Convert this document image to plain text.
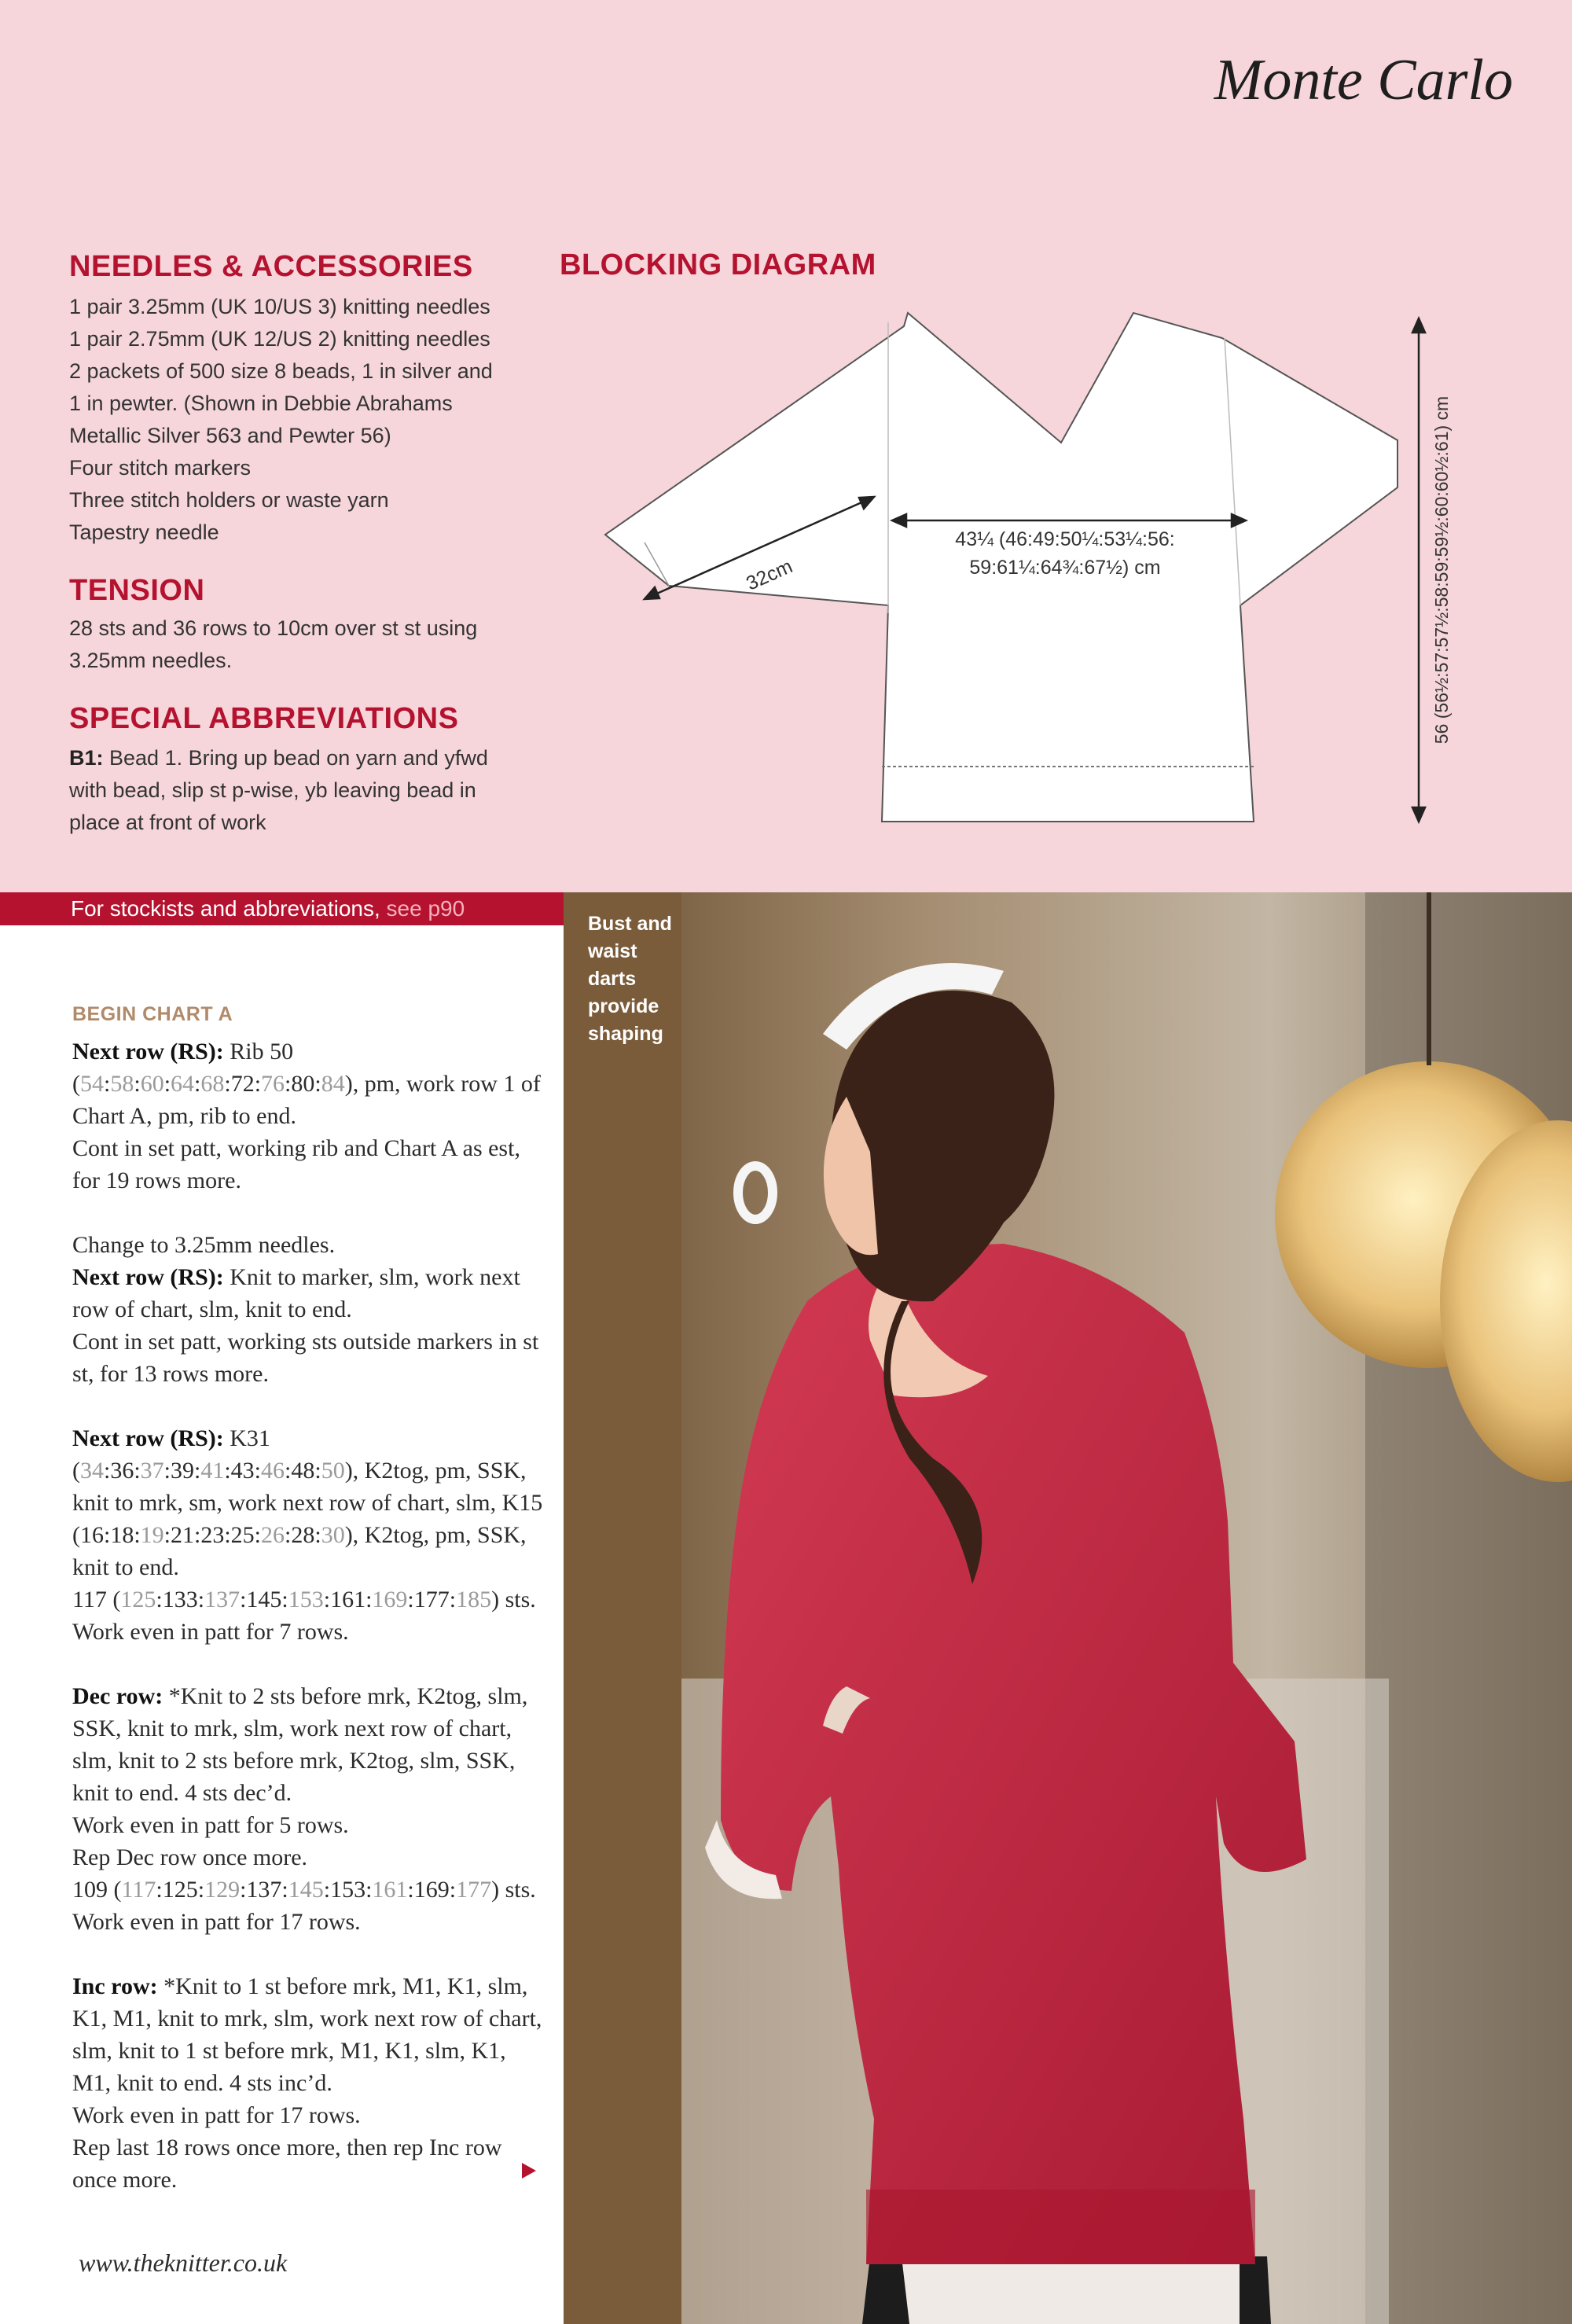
Monte Carlo
NEEDLES & ACCESSORIES
1 pair 3.25mm (UK 10/US 3) knitting needles
1 pair 2.75mm (UK 12/US 2) knitting needles
2 packets of 500 size 8 beads, 1 in silver and
1 in pewter. (Shown in Debbie Abrahams
Metallic Silver 563 and Pewter 56)
Four stitch markers
Three stitch holders or waste yarn
Tapestry needle
TENSION
28 sts and 36 rows to 10cm over st st using
3.25mm needles.
SPECIAL ABBREVIATIONS
B1: Bead 1. Bring up bead on yarn and yfwd
with bead, slip st p-wise, yb leaving bead in
place at front of work
BLOCKING DIAGRAM
43¼ (46:49:50¼:53¼:56:
59:61¼:64¾:67½) cm
32cm	56 (56½:57:57½:58:59:59½:60:60½:61) cm
For stockists and abbreviations, see p90
Bust and
waist darts
provide
shaping
BEGIN CHART A

Next row (RS): Rib 50 (54:58:60:64:68:72:76:80:84), pm, work row 1 of Chart A, pm, rib to end.
Cont in set patt, working rib and Chart A as est, for 19 rows more.

Change to 3.25mm needles.
Next row (RS): Knit to marker, slm, work next row of chart, slm, knit to end.
Cont in set patt, working sts outside markers in st st, for 13 rows more.

Next row (RS): K31 (34:36:37:39:41:43:46:48:50), K2tog, pm, SSK, knit to mrk, sm, work next row of chart, slm, K15 (16:18:19:21:23:25:26:28:30), K2tog, pm, SSK, knit to end.
117 (125:133:137:145:153:161:169:177:185) sts.
Work even in patt for 7 rows.

Dec row: *Knit to 2 sts before mrk, K2tog, slm, SSK, knit to mrk, slm, work next row of chart, slm, knit to 2 sts before mrk, K2tog, slm, SSK, knit to end. 4 sts dec’d.
Work even in patt for 5 rows.
Rep Dec row once more.
109 (117:125:129:137:145:153:161:169:177) sts.
Work even in patt for 17 rows.

Inc row: *Knit to 1 st before mrk, M1, K1, slm, K1, M1, knit to mrk, slm, work next row of chart, slm, knit to 1 st before mrk, M1, K1, slm, K1, M1, knit to end. 4 sts inc’d.
Work even in patt for 17 rows.
Rep last 18 rows once more, then rep Inc row once more.

www.theknitter.co.uk
